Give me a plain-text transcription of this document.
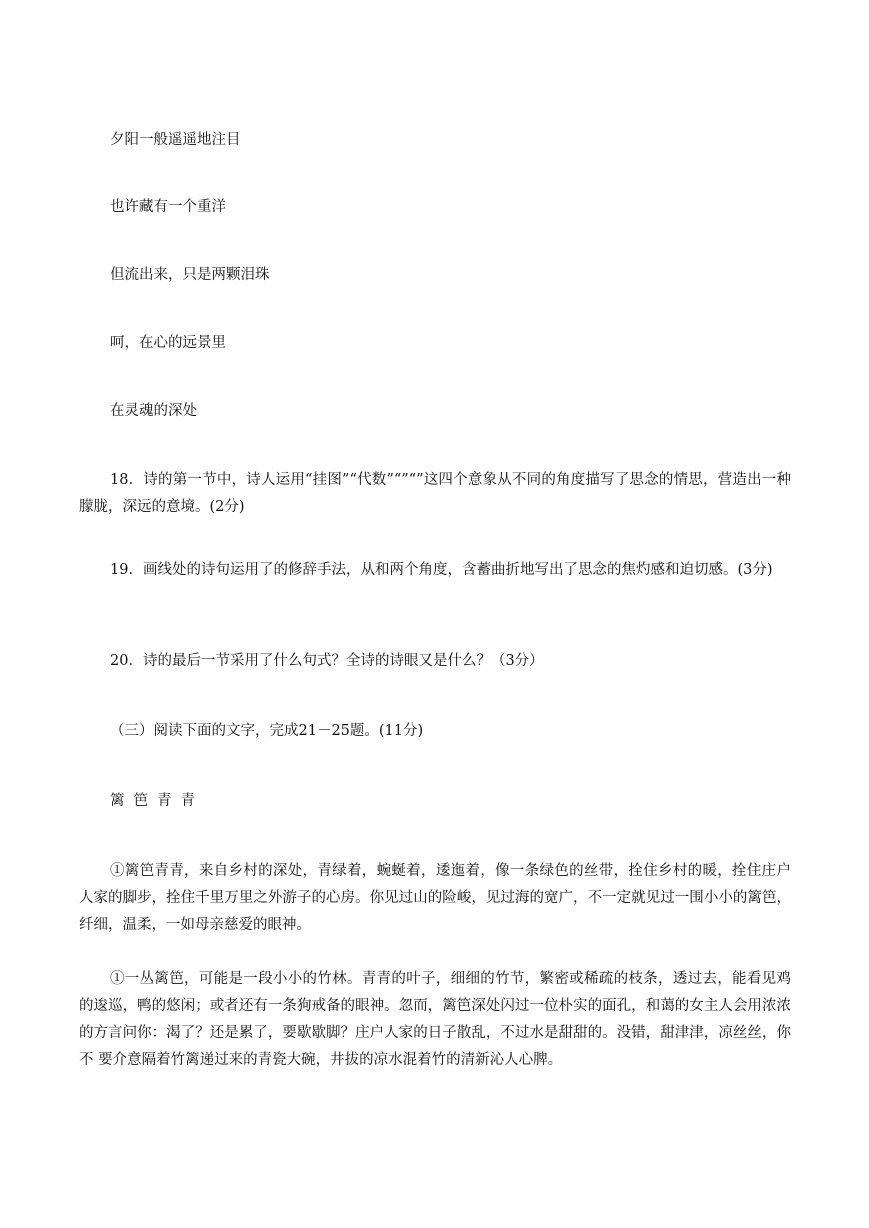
夕阳一般遥遥地注目

也许藏有一个重洋

但流出来，只是两颗泪珠

呵，在心的远景里

在灵魂的深处

18．诗的第一节中，诗人运用“挂图”“代数”“”“”这四个意象从不同的角度描写了思念的情思，营造出一种朦胧，深远的意境。(2分)

19．画线处的诗句运用了的修辞手法，从和两个角度，含蓄曲折地写出了思念的焦灼感和迫切感。(3分)

20．诗的最后一节采用了什么句式？全诗的诗眼又是什么？（3分）

（三）阅读下面的文字，完成21－25题。(11分)

篱笆青青

①篱笆青青，来自乡村的深处，青绿着，蜿蜒着，逶迤着，像一条绿色的丝带，拴住乡村的暖，拴住庄户人家的脚步，拴住千里万里之外游子的心房。你见过山的险峻，见过海的宽广，不一定就见过一围小小的篱笆，纤细，温柔，一如母亲慈爱的眼神。

①一丛篱笆，可能是一段小小的竹林。青青的叶子，细细的竹节，繁密或稀疏的枝条，透过去，能看见鸡的逡巡，鸭的悠闲；或者还有一条狗戒备的眼神。忽而，篱笆深处闪过一位朴实的面孔，和蔼的女主人会用浓浓的方言问你：渴了？还是累了，要歇歇脚？庄户人家的日子散乱，不过水是甜甜的。没错，甜津津，凉丝丝，你不 要介意隔着竹篱递过来的青瓷大碗，井拔的凉水混着竹的清新沁人心脾。
